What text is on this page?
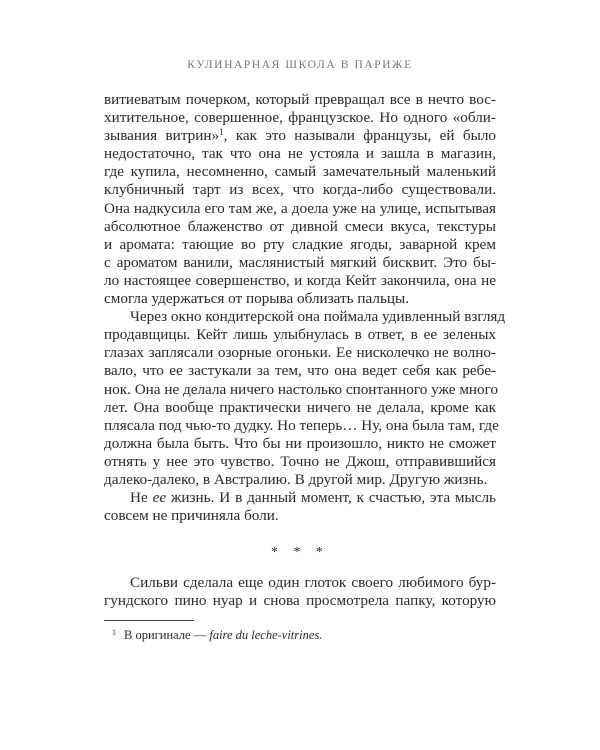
КУЛИНАРНАЯ ШКОЛА В ПАРИЖЕ
витиеватым почерком, который превращал все в нечто вос-
хитительное, совершенное, французское. Но одного «обли-
зывания витрин»$^1$, как это называли французы, ей было
недостаточно, так что она не устояла и зашла в магазин,
где купила, несомненно, самый замечательный маленький
клубничный тарт из всех, что когда-либо существовали.
Она надкусила его там же, а доела уже на улице, испытывая
абсолютное блаженство от дивной смеси вкуса, текстуры
и аромата: тающие во рту сладкие ягоды, заварной крем
с ароматом ванили, маслянистый мягкий бисквит. Это бы-
ло настоящее совершенство, и когда Кейт закончила, она не
смогла удержаться от порыва облизать пальцы.
Через окно кондитерской она поймала удивленный взгляд
продавщицы. Кейт лишь улыбнулась в ответ, в ее зеленых
глазах заплясали озорные огоньки. Ее нисколечко не волно-
вало, что ее застукали за тем, что она ведет себя как ребе-
нок. Она не делала ничего настолько спонтанного уже много
лет. Она вообще практически ничего не делала, кроме как
плясала под чью-то дудку. Но теперь… Ну, она была там, где
должна была быть. Что бы ни произошло, никто не сможет
отнять у нее это чувство. Точно не Джош, отправившийся
далеко-далеко, в Австралию. В другой мир. Другую жизнь.
Не ее жизнь. И в данный момент, к счастью, эта мысль
совсем не причиняла боли.
* * *
Сильви сделала еще один глоток своего любимого бур-
гундского пино нуар и снова просмотрела папку, которую
$^1$ В оригинале — faire du leche-vitrines.
